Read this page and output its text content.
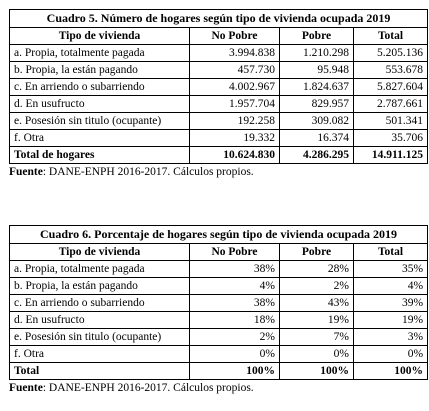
Cuadro 5. Número de hogares según tipo de vivienda ocupada 2019			
Tipo de vivienda	No Pobre	Pobre	Total
a. Propia, totalmente pagada	3.994.838	1.210.298	5.205.136
b. Propia, la están pagando	457.730	95.948	553.678
c. En arriendo o subarriendo	4.002.967	1.824.637	5.827.604
d. En usufructo	1.957.704	829.957	2.787.661
e. Posesión sin titulo (ocupante)	192.258	309.082	501.341
f. Otra	19.332	16.374	35.706
Total de hogares	10.624.830	4.286.295	14.911.125
Fuente: DANE-ENPH 2016-2017. Cálculos propios.
Cuadro 6. Porcentaje de hogares según tipo de vivienda ocupada 2019			
Tipo de vivienda	No Pobre	Pobre	Total
a. Propia, totalmente pagada	38%	28%	35%
b. Propia, la están pagando	4%	2%	4%
c. En arriendo o subarriendo	38%	43%	39%
d. En usufructo	18%	19%	19%
e. Posesión sin titulo (ocupante)	2%	7%	3%
f. Otra	0%	0%	0%
Total	100%	100%	100%
Fuente: DANE-ENPH 2016-2017. Cálculos propios.
